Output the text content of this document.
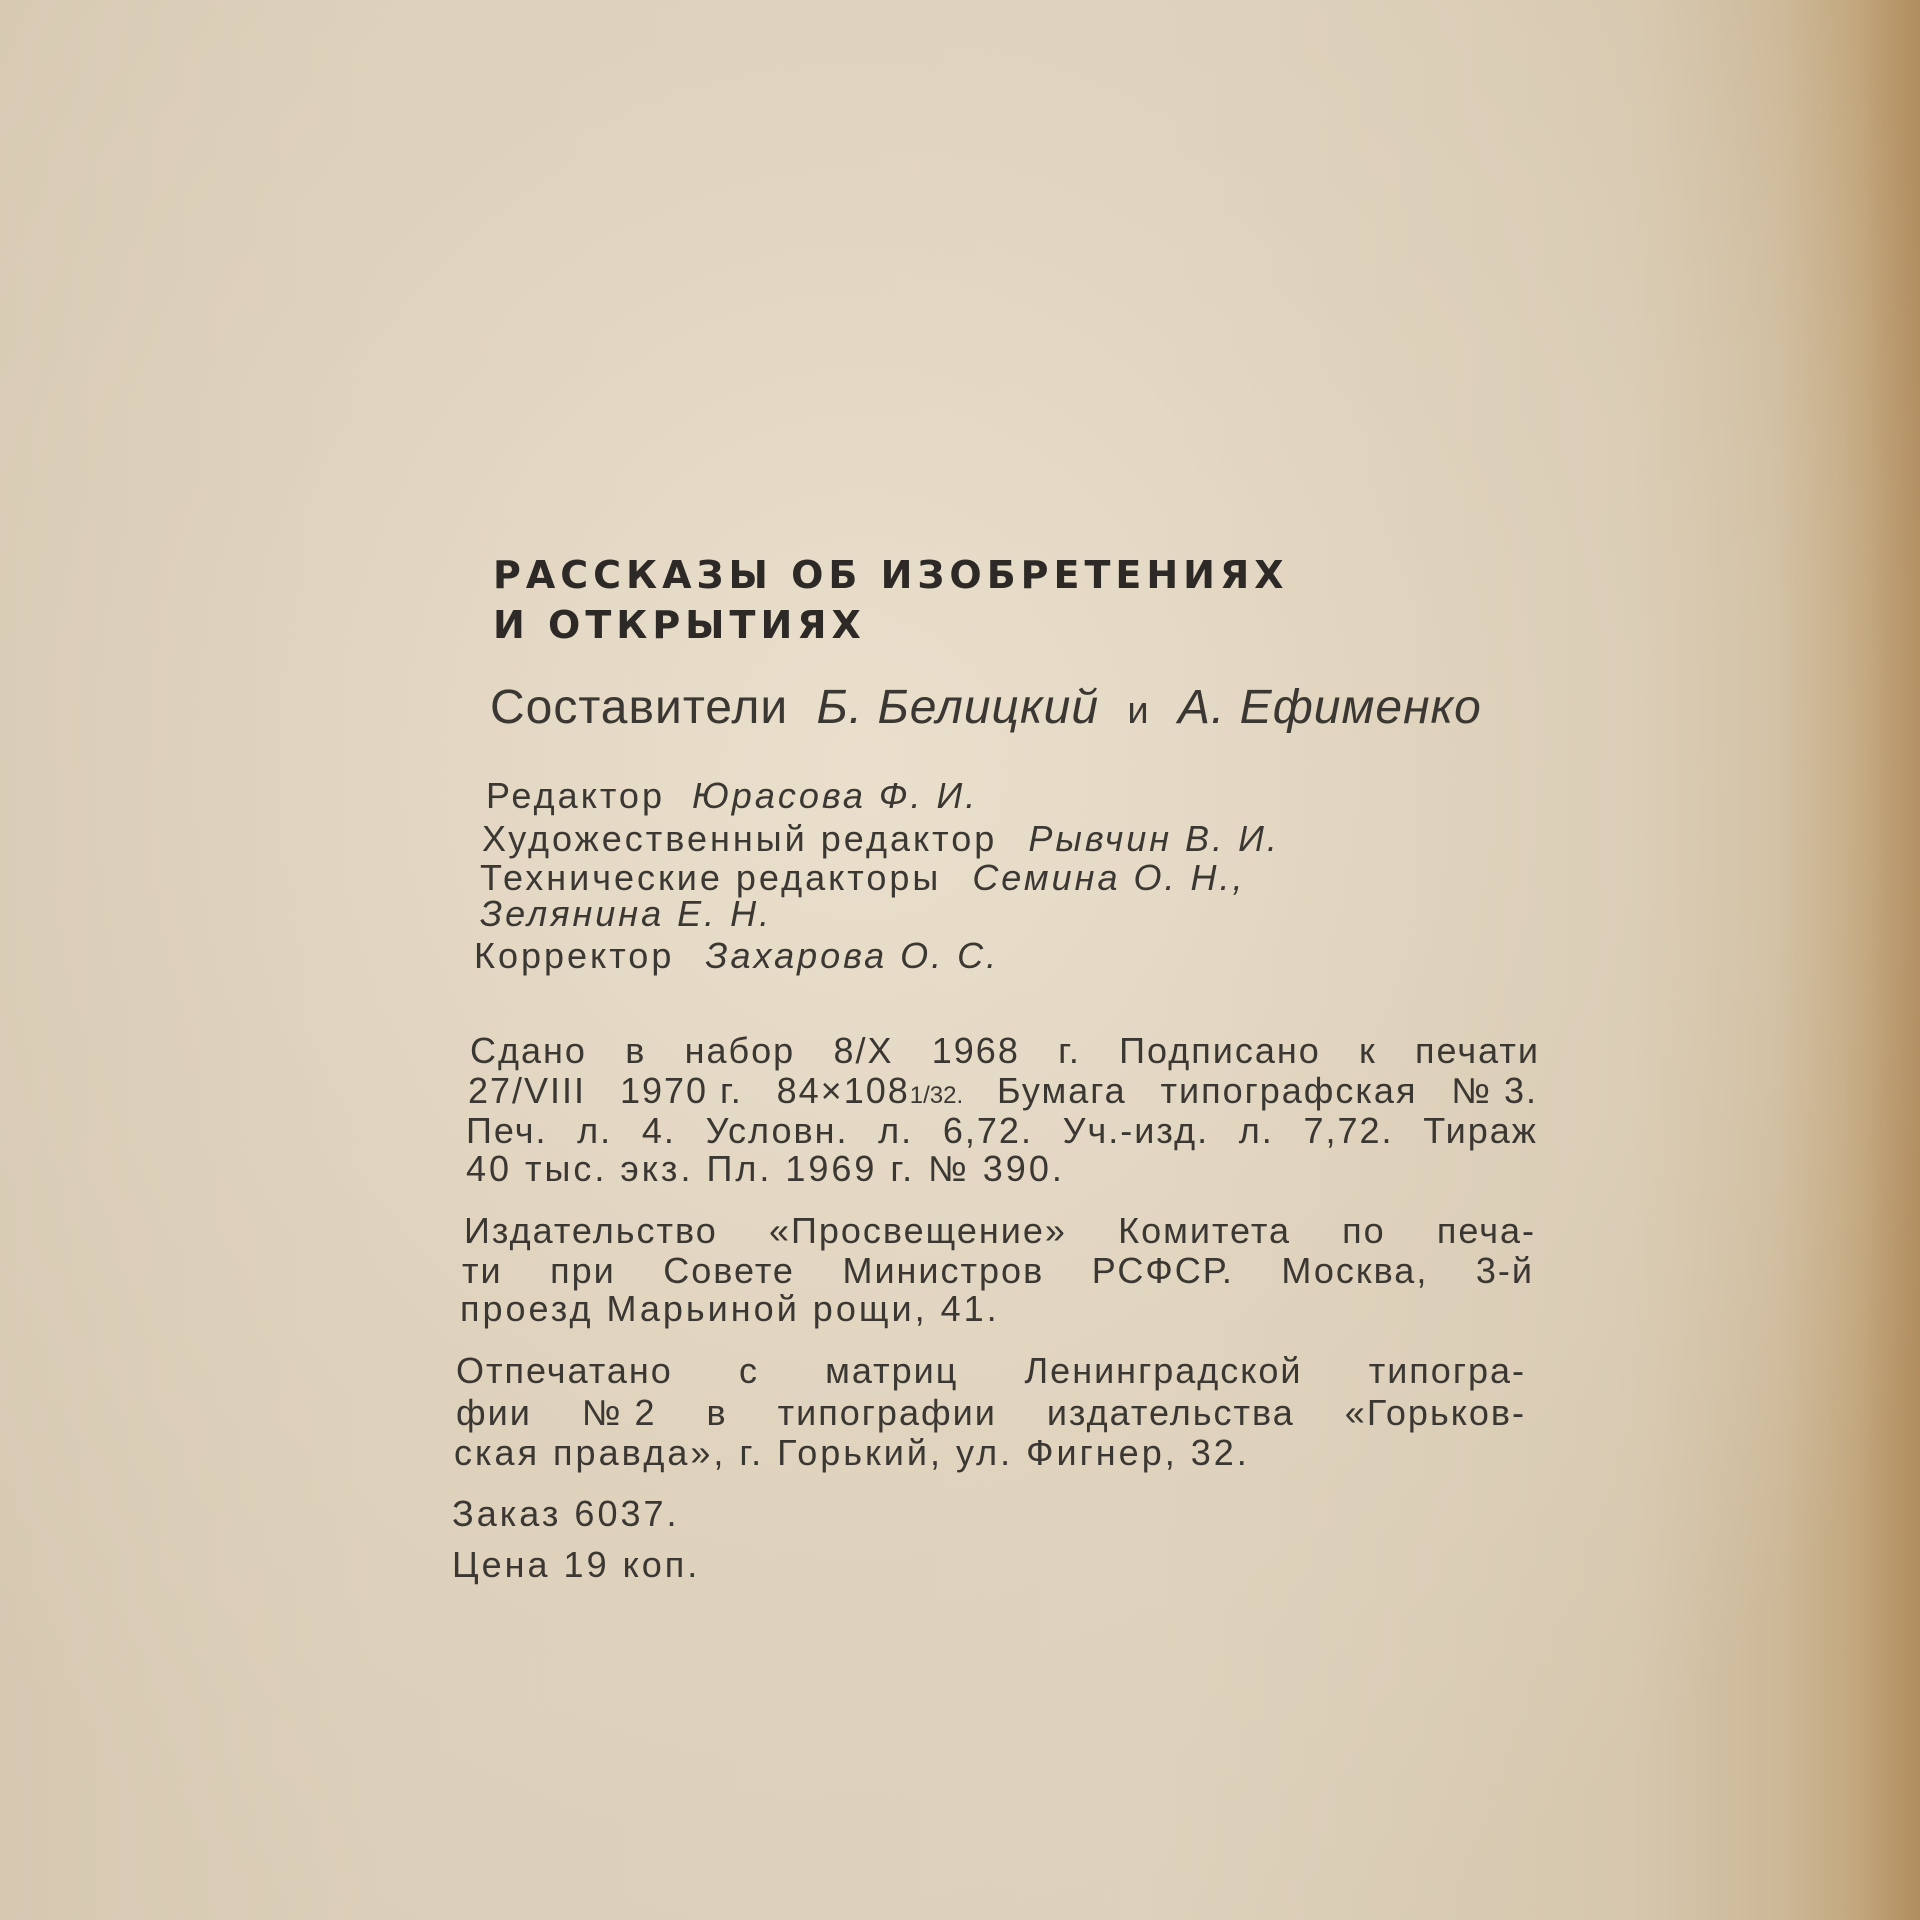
РАССКАЗЫ ОБ ИЗОБРЕТЕНИЯХ
И ОТКРЫТИЯХ
Составители Б. Белицкий и А. Ефименко
Редактор Юрасова Ф. И.
Художественный редактор Рывчин В. И.
Технические редакторы Семина О. Н.,
Зелянина Е. Н.
Корректор Захарова О. С.
Сдано в набор 8/X 1968 г. Подписано к печати
27/VIII 1970 г. 84×1081/32. Бумага типографская № 3.
Печ. л. 4. Условн. л. 6,72. Уч.-изд. л. 7,72. Тираж
40 тыс. экз. Пл. 1969 г. № 390.
Издательство «Просвещение» Комитета по печа-
ти при Совете Министров РСФСР. Москва, 3-й
проезд Марьиной рощи, 41.
Отпечатано с матриц Ленинградской типогра-
фии № 2 в типографии издательства «Горьков-
ская правда», г. Горький, ул. Фигнер, 32.
Заказ 6037.
Цена 19 коп.
